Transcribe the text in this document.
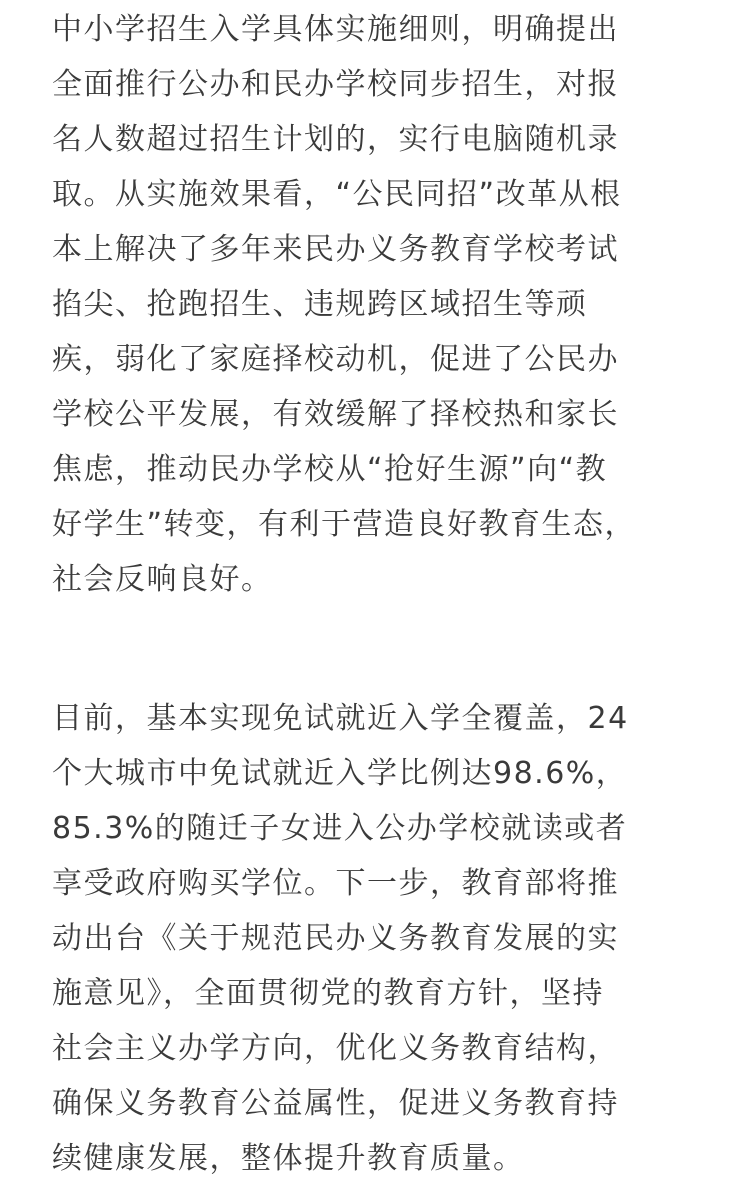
中小学招生入学具体实施细则，明确提出
全面推行公办和民办学校同步招生，对报
名人数超过招生计划的，实行电脑随机录
取。从实施效果看，“公民同招”改革从根
本上解决了多年来民办义务教育学校考试
掐尖、抢跑招生、违规跨区域招生等顽
疾，弱化了家庭择校动机，促进了公民办
学校公平发展，有效缓解了择校热和家长
焦虑，推动民办学校从“抢好生源”向“教
好学生”转变，有利于营造良好教育生态，
社会反响良好。
目前，基本实现免试就近入学全覆盖，24
个大城市中免试就近入学比例达98.6%，
85.3%的随迁子女进入公办学校就读或者
享受政府购买学位。下一步，教育部将推
动出台《关于规范民办义务教育发展的实
施意见》，全面贯彻党的教育方针，坚持
社会主义办学方向，优化义务教育结构，
确保义务教育公益属性，促进义务教育持
续健康发展，整体提升教育质量。
